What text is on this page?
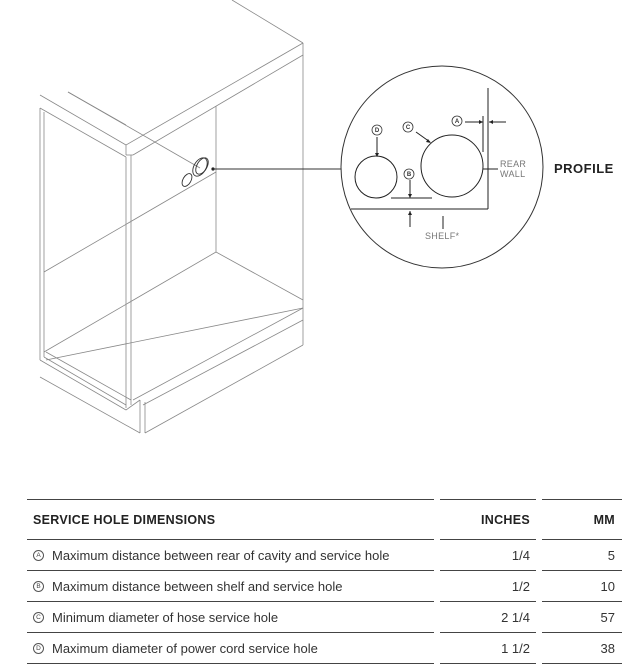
A
B
C
D
REAR
WALL
SHELF*
PROFILE
SERVICE HOLE DIMENSIONS	INCHES	MM
A Maximum distance between rear of cavity and service hole	1/4	5
B Maximum distance between shelf and service hole	1/2	10
C Minimum diameter of hose service hole	2 1/4	57
D Maximum diameter of power cord service hole	1 1/2	38
